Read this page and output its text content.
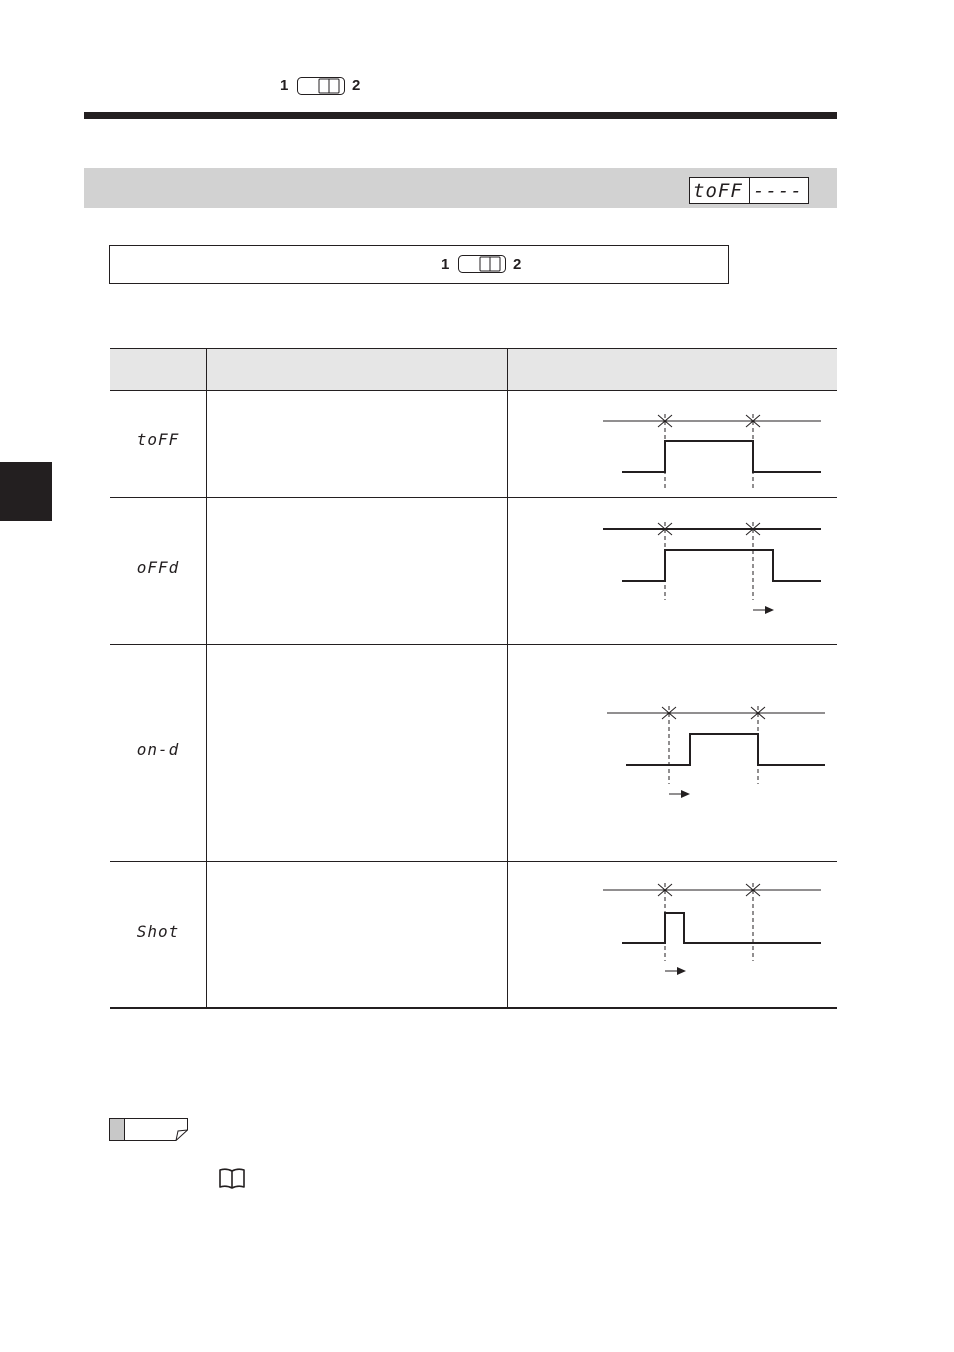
1	2
toFF ----
1	2
toFF
oFFd
on-d
Shot
